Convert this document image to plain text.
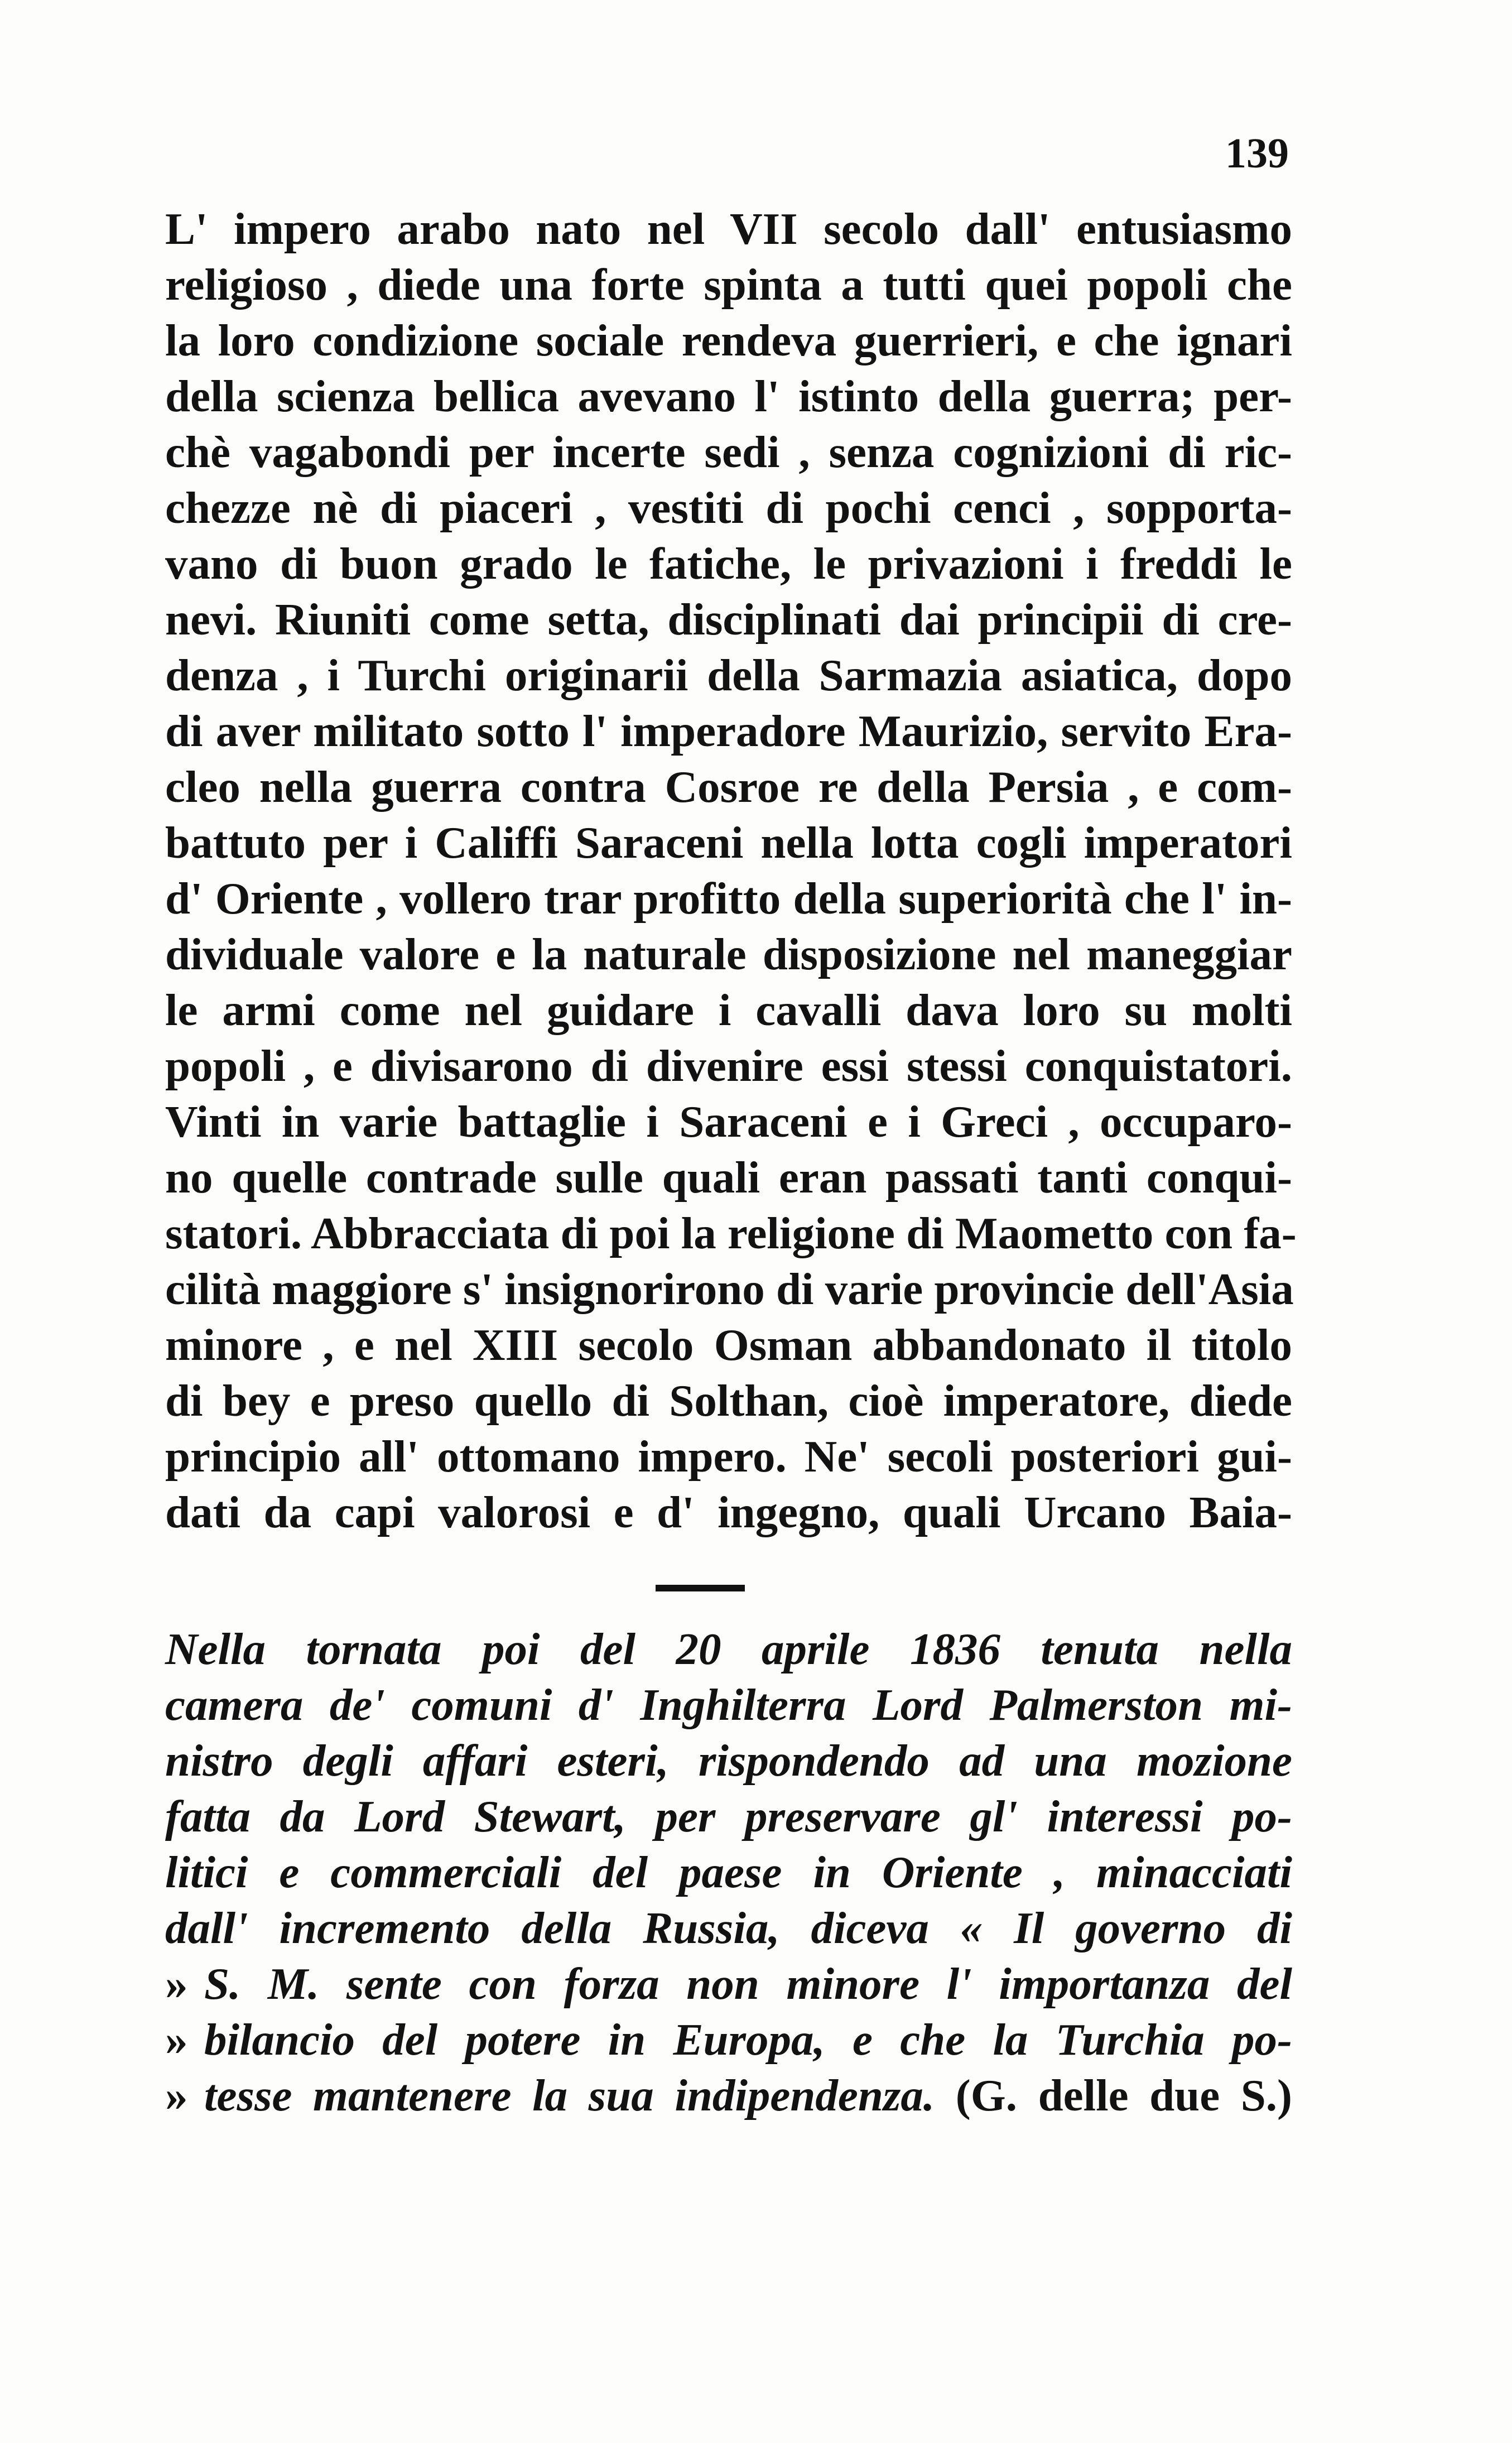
139
L' impero arabo nato nel VII secolo dall' entusiasmo
religioso , diede una forte spinta a tutti quei popoli che
la loro condizione sociale rendeva guerrieri, e che ignari
della scienza bellica avevano l' istinto della guerra; per-
chè vagabondi per incerte sedi , senza cognizioni di ric-
chezze nè di piaceri , vestiti di pochi cenci , sopporta-
vano di buon grado le fatiche, le privazioni i freddi le
nevi. Riuniti come setta, disciplinati dai principii di cre-
denza , i Turchi originarii della Sarmazia asiatica, dopo
di aver militato sotto l' imperadore Maurizio, servito Era-
cleo nella guerra contra Cosroe re della Persia , e com-
battuto per i Califfi Saraceni nella lotta cogli imperatori
d' Oriente , vollero trar profitto della superiorità che l' in-
dividuale valore e la naturale disposizione nel maneggiar
le armi come nel guidare i cavalli dava loro su molti
popoli , e divisarono di divenire essi stessi conquistatori.
Vinti in varie battaglie i Saraceni e i Greci , occuparo-
no quelle contrade sulle quali eran passati tanti conqui-
statori. Abbracciata di poi la religione di Maometto con fa-
cilità maggiore s' insignorirono di varie provincie dell'Asia
minore , e nel XIII secolo Osman abbandonato il titolo
di bey e preso quello di Solthan, cioè imperatore, diede
principio all' ottomano impero. Ne' secoli posteriori gui-
dati da capi valorosi e d' ingegno, quali Urcano Baia-
Nella tornata poi del 20 aprile 1836 tenuta nella
camera de' comuni d' Inghilterra Lord Palmerston mi-
nistro degli affari esteri, rispondendo ad una mozione
fatta da Lord Stewart, per preservare gl' interessi po-
litici e commerciali del paese in Oriente , minacciati
dall' incremento della Russia, diceva « Il governo di
» S. M. sente con forza non minore l' importanza del
» bilancio del potere in Europa, e che la Turchia po-
» tesse mantenere la sua indipendenza. (G. delle due S.)
